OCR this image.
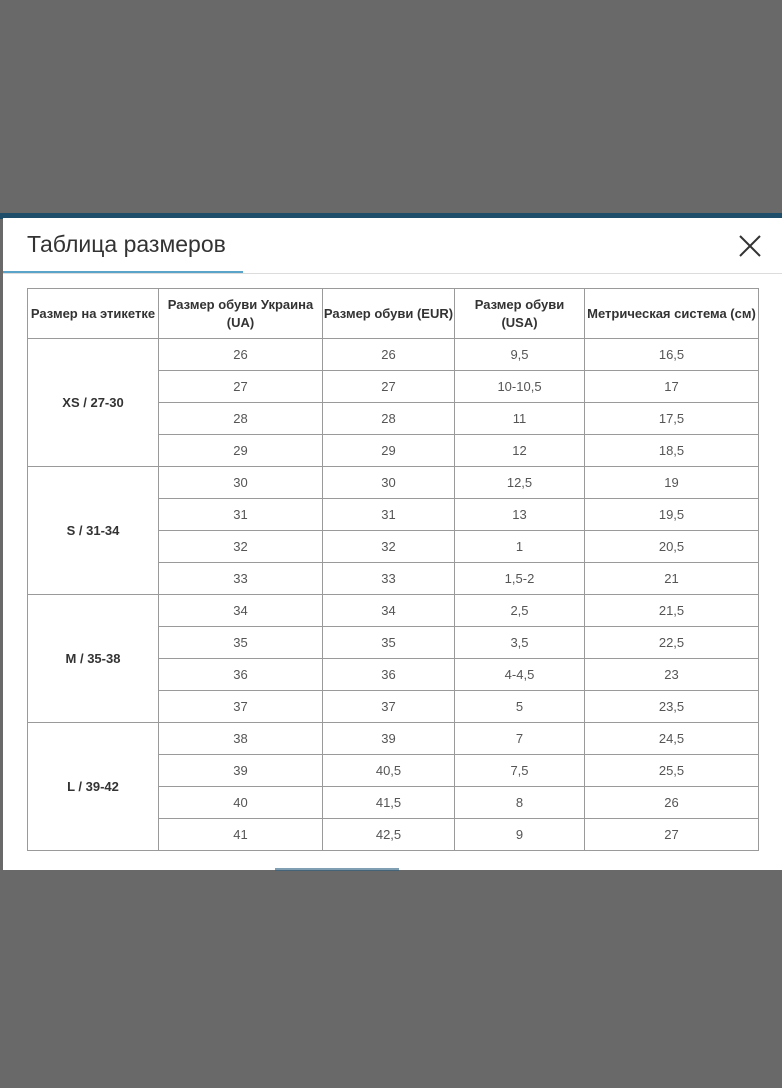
Таблица размеров
Размер на этикетке	Размер обуви Украина (UA)	Размер обуви (EUR)	Размер обуви (USA)	Метрическая система (см)
XS / 27-30	26	26	9,5	16,5
	27	27	10-10,5	17
	28	28	11	17,5
	29	29	12	18,5
S / 31-34	30	30	12,5	19
	31	31	13	19,5
	32	32	1	20,5
	33	33	1,5-2	21
M / 35-38	34	34	2,5	21,5
	35	35	3,5	22,5
	36	36	4-4,5	23
	37	37	5	23,5
L / 39-42	38	39	7	24,5
	39	40,5	7,5	25,5
	40	41,5	8	26
	41	42,5	9	27
